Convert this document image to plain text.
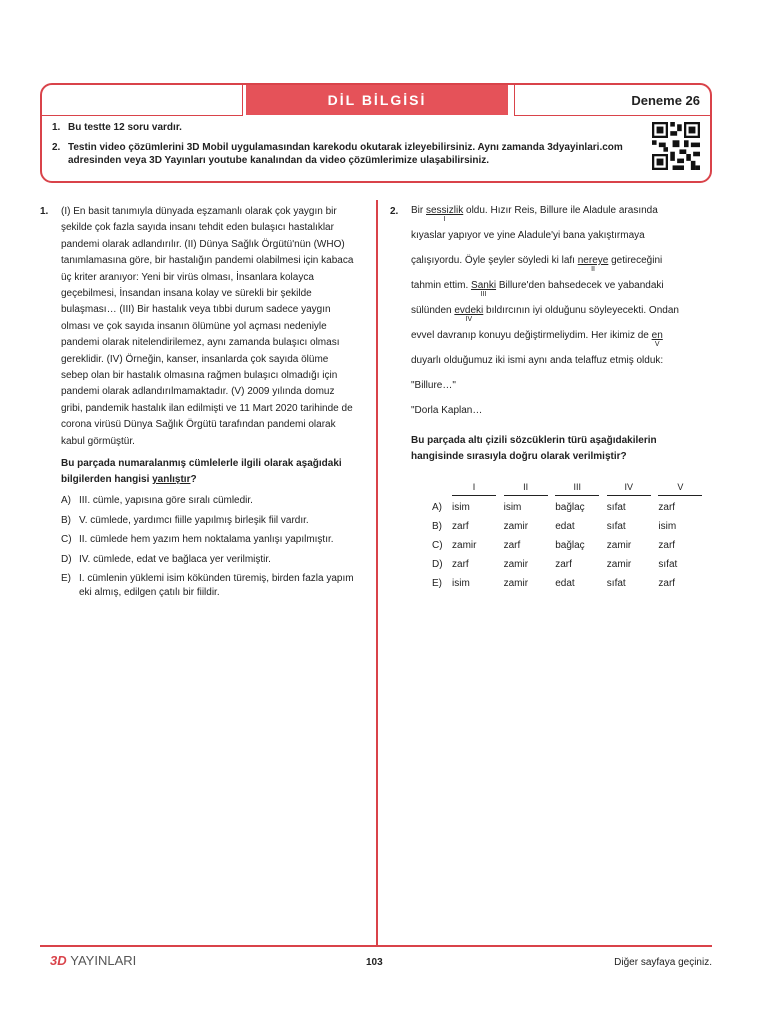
DİL BİLGİSİ	Deneme 26
1. Bu testte 12 soru vardır.
2. Testin video çözümlerini 3D Mobil uygulamasından karekodu okutarak izleyebilirsiniz. Aynı zamanda 3dyayinlari.com adresinden veya 3D Yayınları youtube kanalından da video çözümlerimize ulaşabilirsiniz.
1. (I) En basit tanımıyla dünyada eşzamanlı olarak çok yaygın bir şekilde çok fazla sayıda insanı tehdit eden bulaşıcı hastalıklar pandemi olarak adlandırılır. (II) Dünya Sağlık Örgütü'nün (WHO) tanımlamasına göre, bir hastalığın pandemi olabilmesi için kabaca üç kriter aranıyor: Yeni bir virüs olması, İnsanlara kolayca geçebilmesi, İnsandan insana kolay ve sürekli bir şekilde bulaşması… (III) Bir hastalık veya tıbbi durum sadece yaygın olması ve çok sayıda insanın ölümüne yol açması nedeniyle pandemi olarak nitelendirilemez, aynı zamanda bulaşıcı olması gereklidir. (IV) Örneğin, kanser, insanlarda çok sayıda ölüme sebep olan bir hastalık olmasına rağmen bulaşıcı olmadığı için pandemi olarak adlandırılmamaktadır. (V) 2009 yılında domuz gribi, pandemik hastalık ilan edilmişti ve 11 Mart 2020 tarihinde de corona virüsü Dünya Sağlık Örgütü tarafından pandemi olarak kabul görmüştür.
Bu parçada numaralanmış cümlelerle ilgili olarak aşağıdaki bilgilerden hangisi yanlıştır?
A) III. cümle, yapısına göre sıralı cümledir.
B) V. cümlede, yardımcı fiille yapılmış birleşik fiil vardır.
C) II. cümlede hem yazım hem noktalama yanlışı yapılmıştır.
D) IV. cümlede, edat ve bağlaca yer verilmiştir.
E) I. cümlenin yüklemi isim kökünden türemiş, birden fazla yapım eki almış, edilgen çatılı bir fiildir.
2. Bir sessizlik
I
oldu. Hızır Reis, Billure ile Aladule arasında
kıyaslar yapıyor ve yine Aladule'yi bana yakıştırmaya
çalışıyordu. Öyle şeyler söyledi ki lafı nereye
II
getireceğini
tahmin ettim. Sanki
III
Billure'den bahsedecek ve yabandaki
sülünden evdeki
IV
bıldırcının iyi olduğunu söyleyecekti. Ondan
evvel davranıp konuyu değiştirmeliydim. Her ikimiz de en
V
duyarlı olduğumuz iki ismi aynı anda telaffuz etmiş olduk:
"Billure…"
"Dorla Kaplan…
Bu parçada altı çizili sözcüklerin türü aşağıdakilerin hangisinde sırasıyla doğru olarak verilmiştir?
	I	II	III	IV	V
A)	isim	isim	bağlaç	sıfat	zarf
B)	zarf	zamir	edat	sıfat	isim
C)	zamir	zarf	bağlaç	zamir	zarf
D)	zarf	zamir	zarf	zamir	sıfat
E)	isim	zamir	edat	sıfat	zarf
3D YAYINLARI	103	Diğer sayfaya geçiniz.
